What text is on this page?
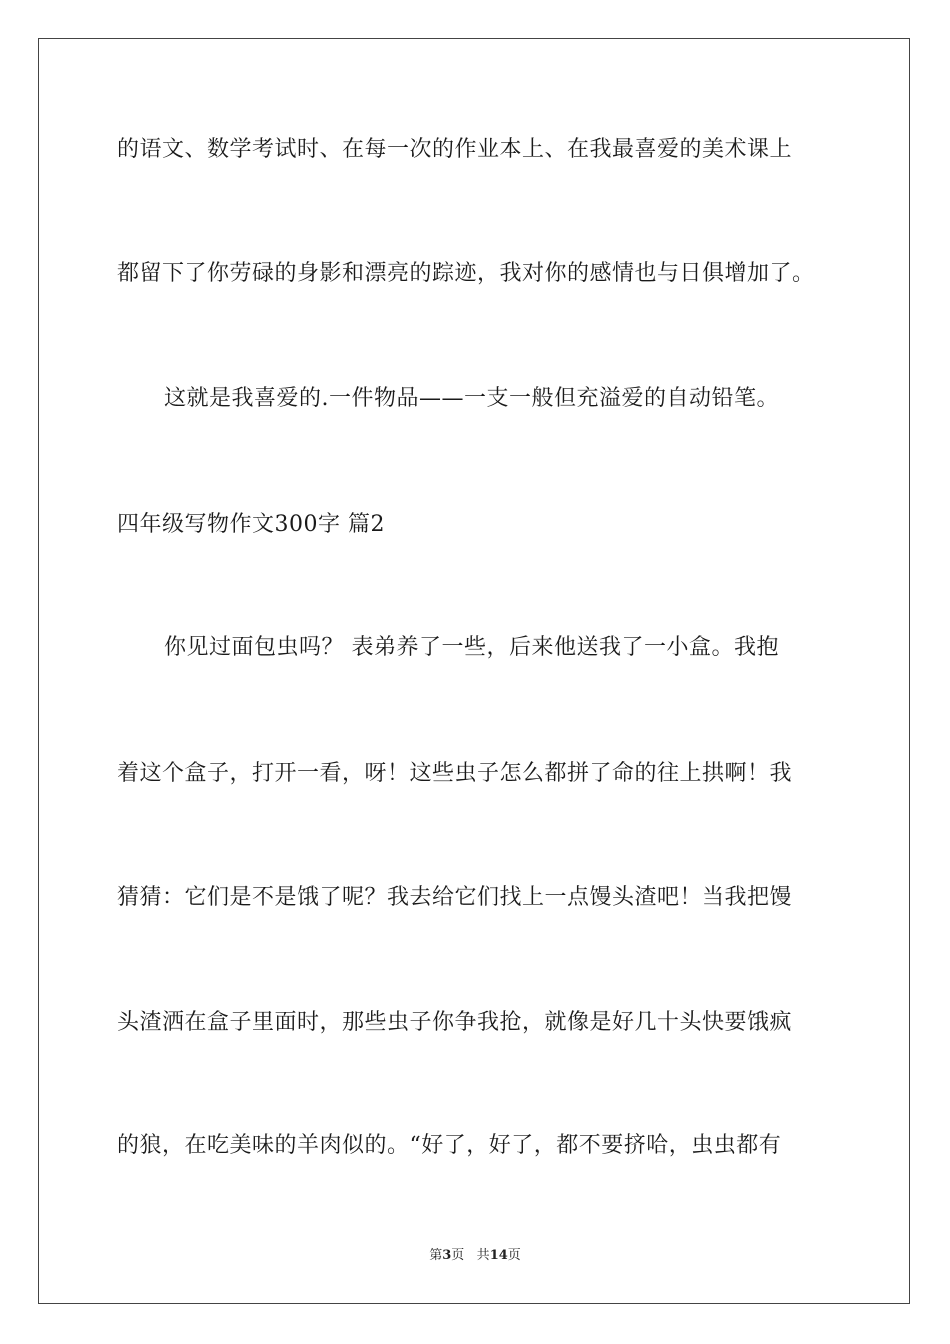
的语文、数学考试时、在每一次的作业本上、在我最喜爱的美术课上
都留下了你劳碌的身影和漂亮的踪迹，我对你的感情也与日俱增加了。
这就是我喜爱的.一件物品——一支一般但充溢爱的自动铅笔。
四年级写物作文300字 篇2
你见过面包虫吗？ 表弟养了一些，后来他送我了一小盒。我抱
着这个盒子，打开一看，呀！这些虫子怎么都拼了命的往上拱啊！我
猜猜：它们是不是饿了呢？我去给它们找上一点馒头渣吧！当我把馒
头渣洒在盒子里面时，那些虫子你争我抢，就像是好几十头快要饿疯
的狼，在吃美味的羊肉似的。“好了，好了，都不要挤哈，虫虫都有
第3页 共14页
